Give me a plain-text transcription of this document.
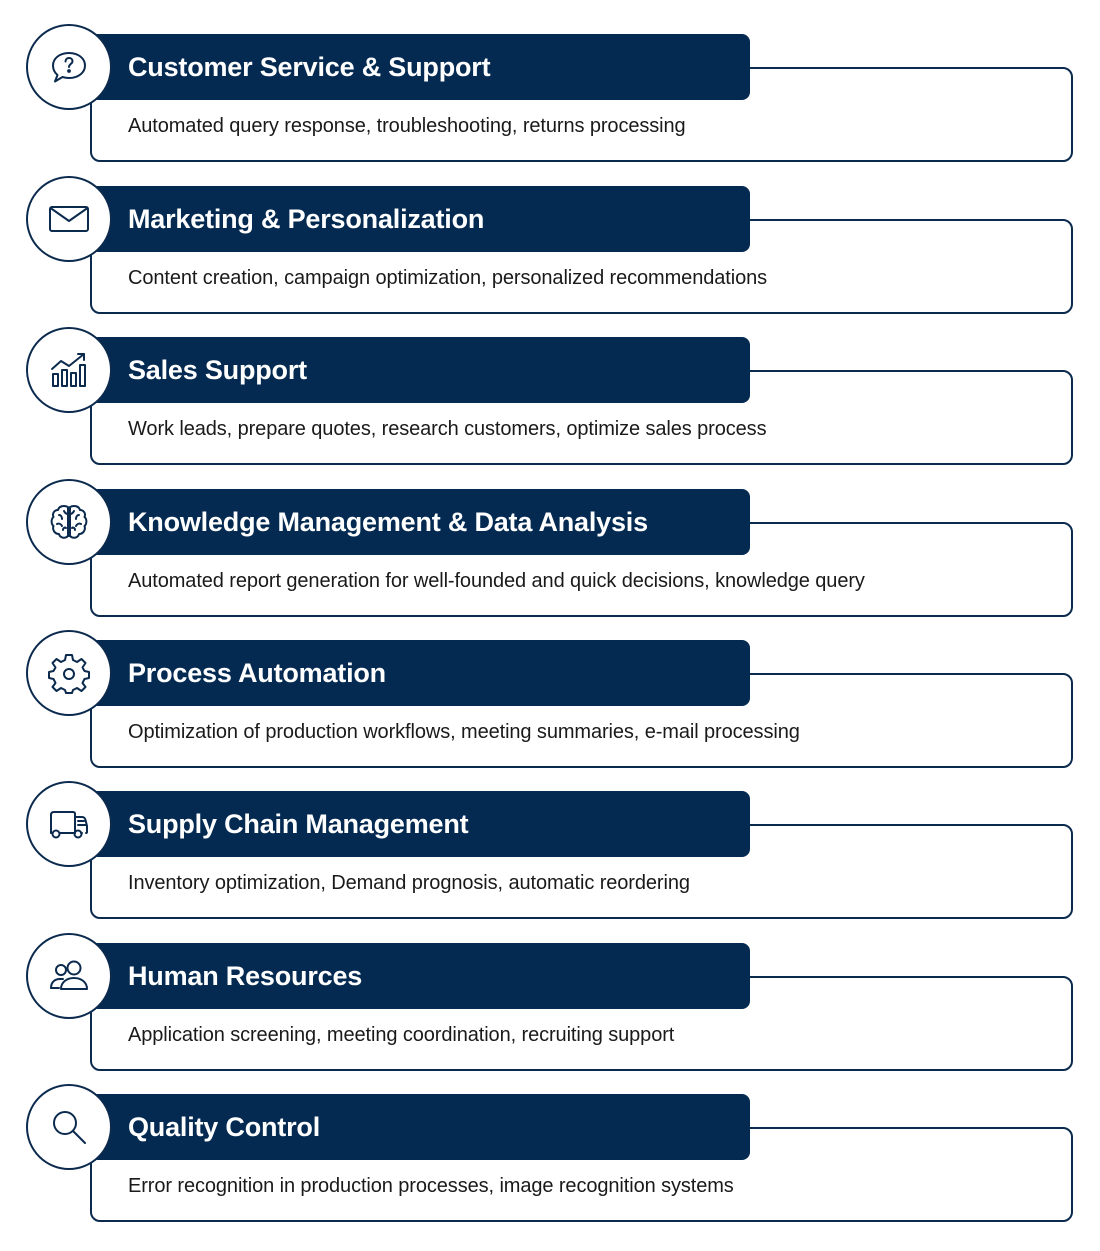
Customer Service & Support
Automated query response, troubleshooting, returns processing
Marketing & Personalization
Content creation, campaign optimization, personalized recommendations
Sales Support
Work leads, prepare quotes, research customers, optimize sales process
Knowledge Management & Data Analysis
Automated report generation for well-founded and quick decisions, knowledge query
Process Automation
Optimization of production workflows, meeting summaries, e-mail processing
Supply Chain Management
Inventory optimization, Demand prognosis, automatic reordering
Human Resources
Application screening, meeting coordination, recruiting support
Quality Control
Error recognition in production processes, image recognition systems
